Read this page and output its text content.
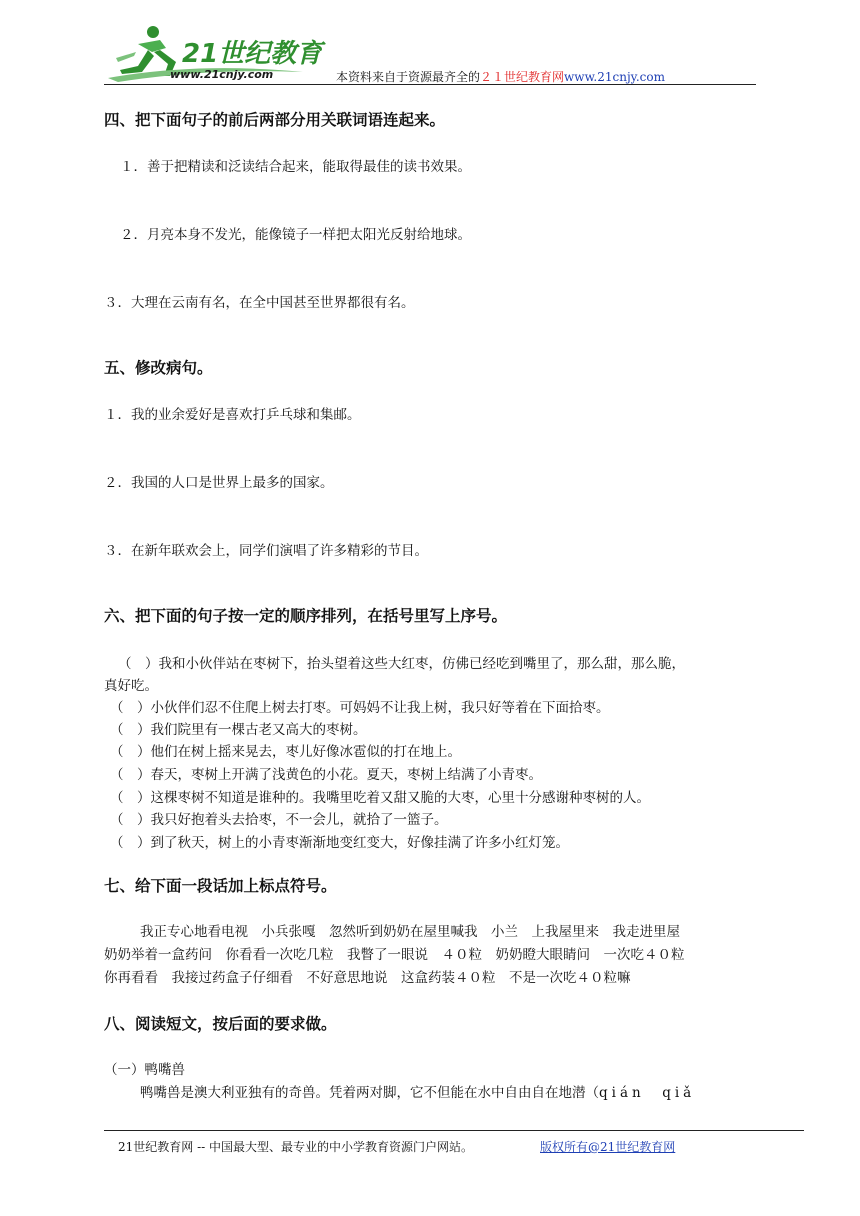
21世纪教育
www.21cnjy.com	本资料来自于资源最齐全的２１世纪教育网www.21cnjy.com
四、把下面句子的前后两部分用关联词语连起来。
１．善于把精读和泛读结合起来，能取得最佳的读书效果。
２．月亮本身不发光，能像镜子一样把太阳光反射给地球。
３．大理在云南有名，在全中国甚至世界都很有名。
五、修改病句。
１．我的业余爱好是喜欢打乒乓球和集邮。
２．我国的人口是世界上最多的国家。
３．在新年联欢会上，同学们演唱了许多精彩的节目。
六、把下面的句子按一定的顺序排列，在括号里写上序号。
（　）我和小伙伴站在枣树下，抬头望着这些大红枣，仿佛已经吃到嘴里了，那么甜，那么脆，
真好吃。
（　）小伙伴们忍不住爬上树去打枣。可妈妈不让我上树，我只好等着在下面拾枣。
（　）我们院里有一棵古老又高大的枣树。
（　）他们在树上摇来晃去，枣儿好像冰雹似的打在地上。
（　）春天，枣树上开满了浅黄色的小花。夏天，枣树上结满了小青枣。
（　）这棵枣树不知道是谁种的。我嘴里吃着又甜又脆的大枣，心里十分感谢种枣树的人。
（　）我只好抱着头去拾枣，不一会儿，就拾了一篮子。
（　）到了秋天，树上的小青枣渐渐地变红变大，好像挂满了许多小红灯笼。
七、给下面一段话加上标点符号。
我正专心地看电视　小兵张嘎　忽然听到奶奶在屋里喊我　小兰　上我屋里来　我走进里屋
奶奶举着一盒药问　你看看一次吃几粒　我瞥了一眼说　４０粒　奶奶瞪大眼睛问　一次吃４０粒
你再看看　我接过药盒子仔细看　不好意思地说　这盒药装４０粒　不是一次吃４０粒嘛
八、阅读短文，按后面的要求做。
（一）鸭嘴兽
鸭嘴兽是澳大利亚独有的奇兽。凭着两对脚，它不但能在水中自由自在地潜（qián　qiǎ
21世纪教育网 -- 中国最大型、最专业的中小学教育资源门户网站。	版权所有@21世纪教育网
